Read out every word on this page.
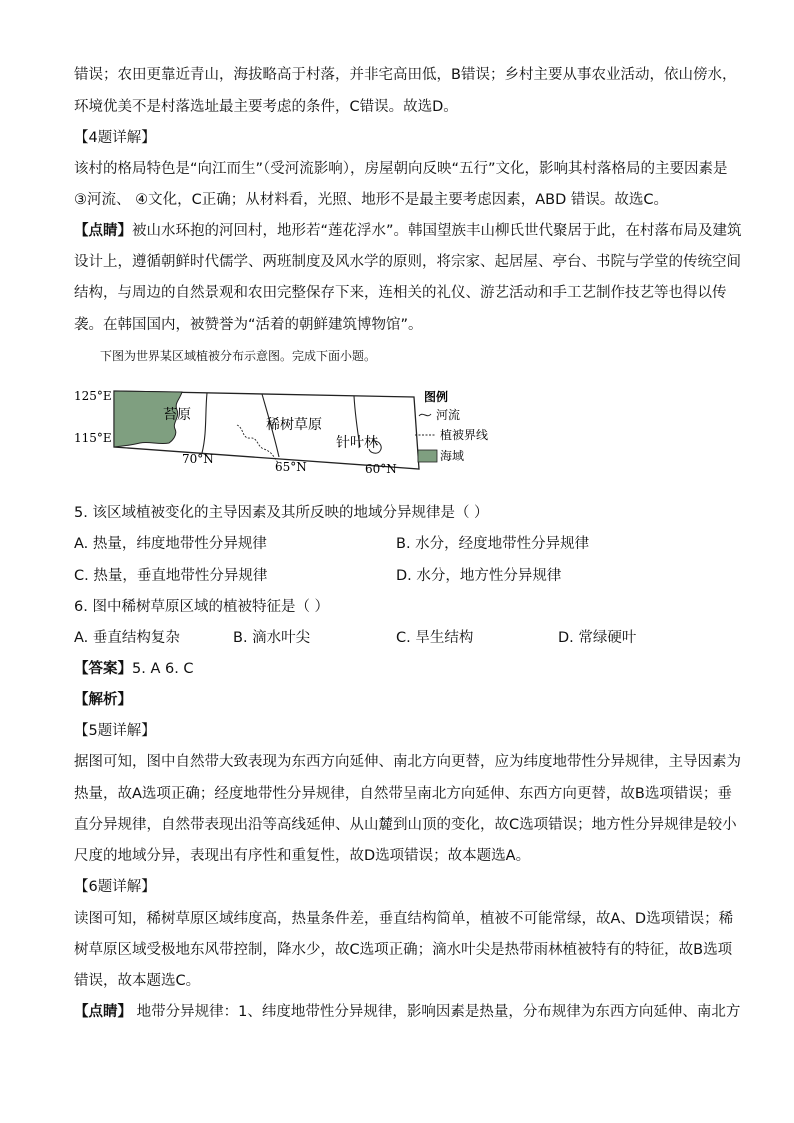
错误；农田更靠近青山，海拔略高于村落，并非宅高田低，B错误；乡村主要从事农业活动，依山傍水，
环境优美不是村落选址最主要考虑的条件，C错误。故选D。
【4题详解】
该村的格局特色是“向江而生”（受河流影响），房屋朝向反映“五行”文化，影响其村落格局的主要因素是
③河流、 ④文化，C正确；从材料看，光照、地形不是最主要考虑因素，ABD 错误。故选C。
【点睛】被山水环抱的河回村，地形若“莲花浮水”。韩国望族丰山柳氏世代聚居于此，在村落布局及建筑
设计上，遵循朝鲜时代儒学、两班制度及风水学的原则，将宗家、起居屋、亭台、书院与学堂的传统空间
结构，与周边的自然景观和农田完整保存下来，连相关的礼仪、游艺活动和手工艺制作技艺等也得以传
袭。在韩国国内，被赞誉为“活着的朝鲜建筑博物馆”。
下图为世界某区域植被分布示意图。完成下面小题。
125°E
115°E
70°N
65°N	60°N
苔原
稀树草原
针叶林
图例
河流
植被界线
海域
5. 该区域植被变化的主导因素及其所反映的地域分异规律是（ ）
A. 热量，纬度地带性分异规律	B. 水分，经度地带性分异规律
C. 热量，垂直地带性分异规律	D. 水分，地方性分异规律
6. 图中稀树草原区域的植被特征是（ ）
A. 垂直结构复杂	B. 滴水叶尖	C. 旱生结构	D. 常绿硬叶
【答案】5. A 6. C
【解析】
【5题详解】
据图可知，图中自然带大致表现为东西方向延伸、南北方向更替，应为纬度地带性分异规律，主导因素为
热量，故A选项正确；经度地带性分异规律，自然带呈南北方向延伸、东西方向更替，故B选项错误；垂
直分异规律，自然带表现出沿等高线延伸、从山麓到山顶的变化，故C选项错误；地方性分异规律是较小
尺度的地域分异，表现出有序性和重复性，故D选项错误；故本题选A。
【6题详解】
读图可知，稀树草原区域纬度高，热量条件差，垂直结构简单，植被不可能常绿，故A、D选项错误；稀
树草原区域受极地东风带控制，降水少，故C选项正确；滴水叶尖是热带雨林植被特有的特征，故B选项
错误，故本题选C。
【点睛】 地带分异规律：1、纬度地带性分异规律，影响因素是热量，分布规律为东西方向延伸、南北方
